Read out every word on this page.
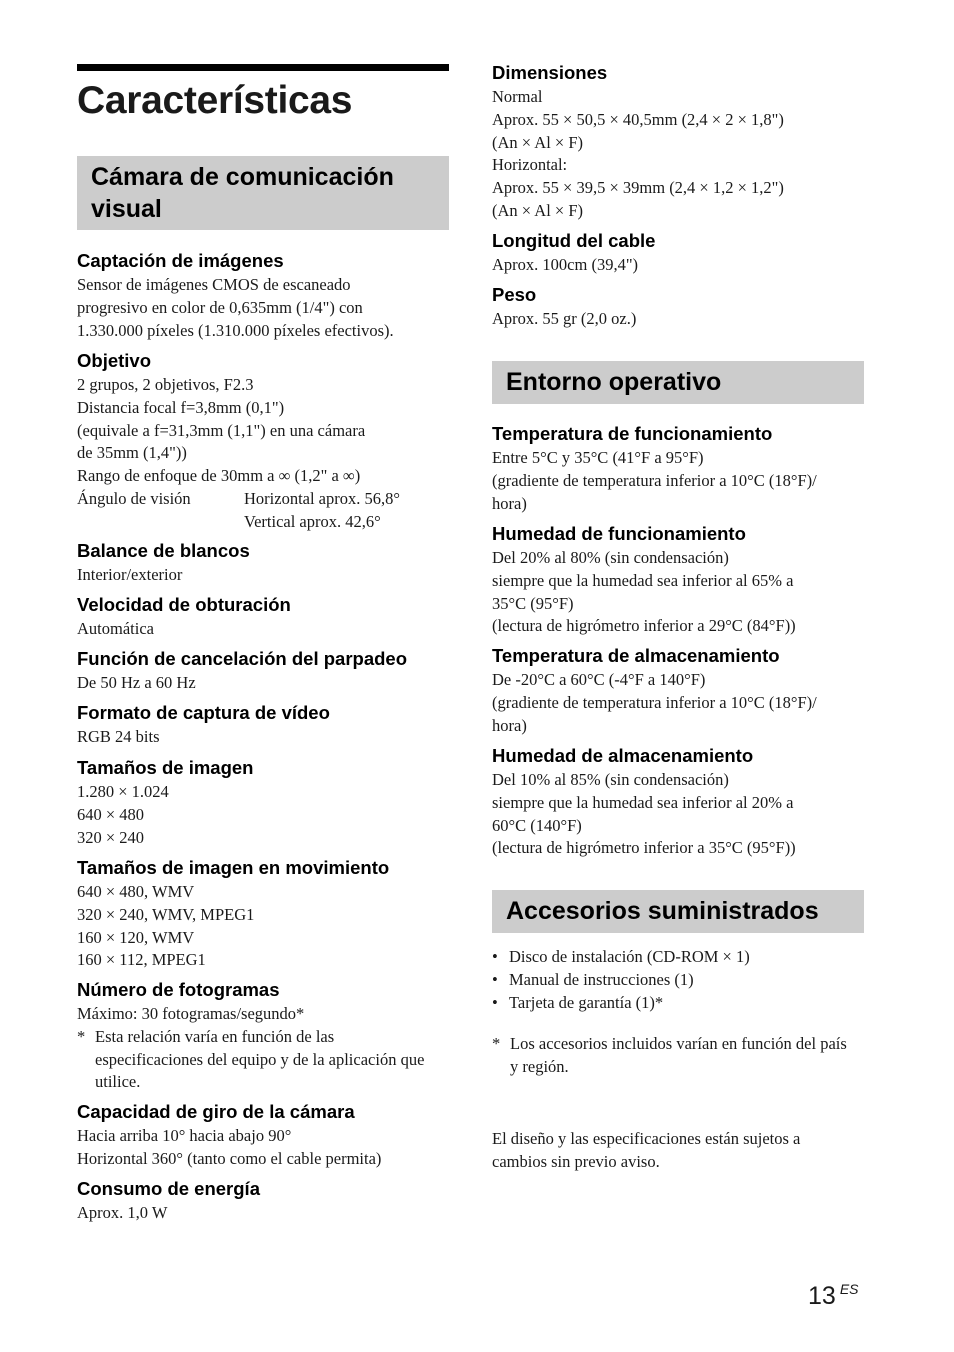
Características
Cámara de comunicación visual
Captación de imágenes
Sensor de imágenes CMOS de escaneado
progresivo en color de 0,635mm (1/4") con
1.330.000 píxeles (1.310.000 píxeles efectivos).
Objetivo
2 grupos, 2 objetivos, F2.3
Distancia focal f=3,8mm (0,1")
(equivale a f=31,3mm (1,1") en una cámara
de 35mm (1,4"))
Rango de enfoque de 30mm a ∞ (1,2" a ∞)
Ángulo de visión	Horizontal aprox. 56,8°
Vertical aprox. 42,6°
Balance de blancos
Interior/exterior
Velocidad de obturación
Automática
Función de cancelación del parpadeo
De 50 Hz a 60 Hz
Formato de captura de vídeo
RGB 24 bits
Tamaños de imagen
1.280 × 1.024
640 × 480
320 × 240
Tamaños de imagen en movimiento
640 × 480, WMV
320 × 240, WMV, MPEG1
160 × 120, WMV
160 × 112, MPEG1
Número de fotogramas
Máximo: 30 fotogramas/segundo*
* Esta relación varía en función de las especificaciones del equipo y de la aplicación que utilice.
Capacidad de giro de la cámara
Hacia arriba 10° hacia abajo 90°
Horizontal 360° (tanto como el cable permita)
Consumo de energía
Aprox. 1,0 W
Dimensiones
Normal
Aprox. 55 × 50,5 × 40,5mm (2,4 × 2 × 1,8")
(An × Al × F)
Horizontal:
Aprox. 55 × 39,5 × 39mm (2,4 × 1,2 × 1,2")
(An × Al × F)
Longitud del cable
Aprox. 100cm (39,4")
Peso
Aprox. 55 gr (2,0 oz.)
Entorno operativo
Temperatura de funcionamiento
Entre 5°C y 35°C (41°F a 95°F)
(gradiente de temperatura inferior a 10°C (18°F)/
hora)
Humedad de funcionamiento
Del 20% al 80% (sin condensación)
siempre que la humedad sea inferior al 65% a
35°C (95°F)
(lectura de higrómetro inferior a 29°C (84°F))
Temperatura de almacenamiento
De -20°C a 60°C (-4°F a 140°F)
(gradiente de temperatura inferior a 10°C (18°F)/
hora)
Humedad de almacenamiento
Del 10% al 85% (sin condensación)
siempre que la humedad sea inferior al 20% a
60°C (140°F)
(lectura de higrómetro inferior a 35°C (95°F))
Accesorios suministrados
• Disco de instalación (CD-ROM × 1)
• Manual de instrucciones (1)
• Tarjeta de garantía (1)*
* Los accesorios incluidos varían en función del país y región.
El diseño y las especificaciones están sujetos a
cambios sin previo aviso.
13 $^{ES}$
